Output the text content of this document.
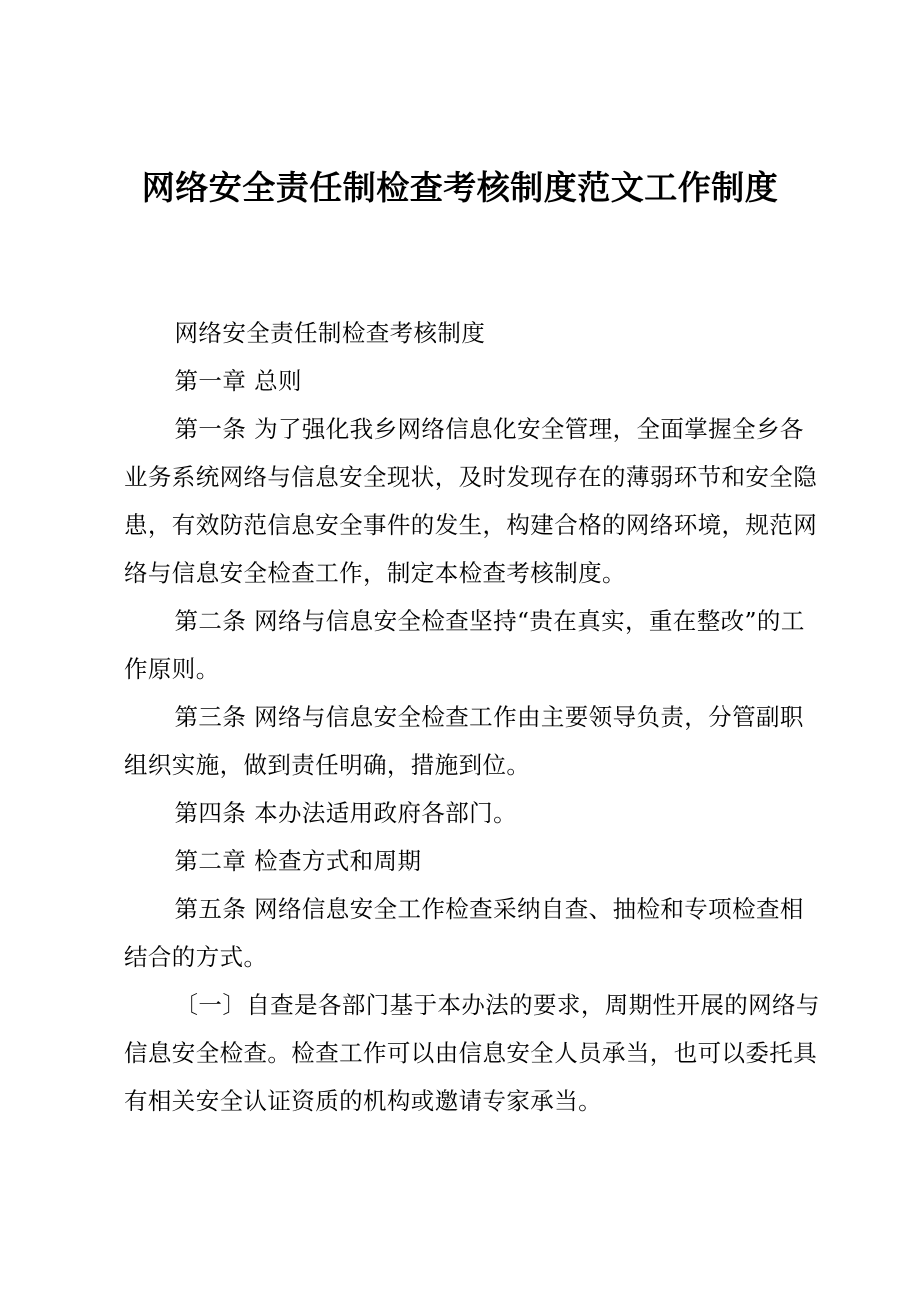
网络安全责任制检查考核制度范文工作制度

网络安全责任制检查考核制度

第一章 总则

第一条 为了强化我乡网络信息化安全管理，全面掌握全乡各业务系统网络与信息安全现状，及时发现存在的薄弱环节和安全隐患，有效防范信息安全事件的发生，构建合格的网络环境，规范网络与信息安全检查工作，制定本检查考核制度。

第二条 网络与信息安全检查坚持“贵在真实，重在整改”的工作原则。

第三条 网络与信息安全检查工作由主要领导负责，分管副职组织实施，做到责任明确，措施到位。

第四条 本办法适用政府各部门。

第二章 检查方式和周期

第五条 网络信息安全工作检查采纳自查、抽检和专项检查相结合的方式。

〔一〕自查是各部门基于本办法的要求，周期性开展的网络与信息安全检查。检查工作可以由信息安全人员承当，也可以委托具有相关安全认证资质的机构或邀请专家承当。
